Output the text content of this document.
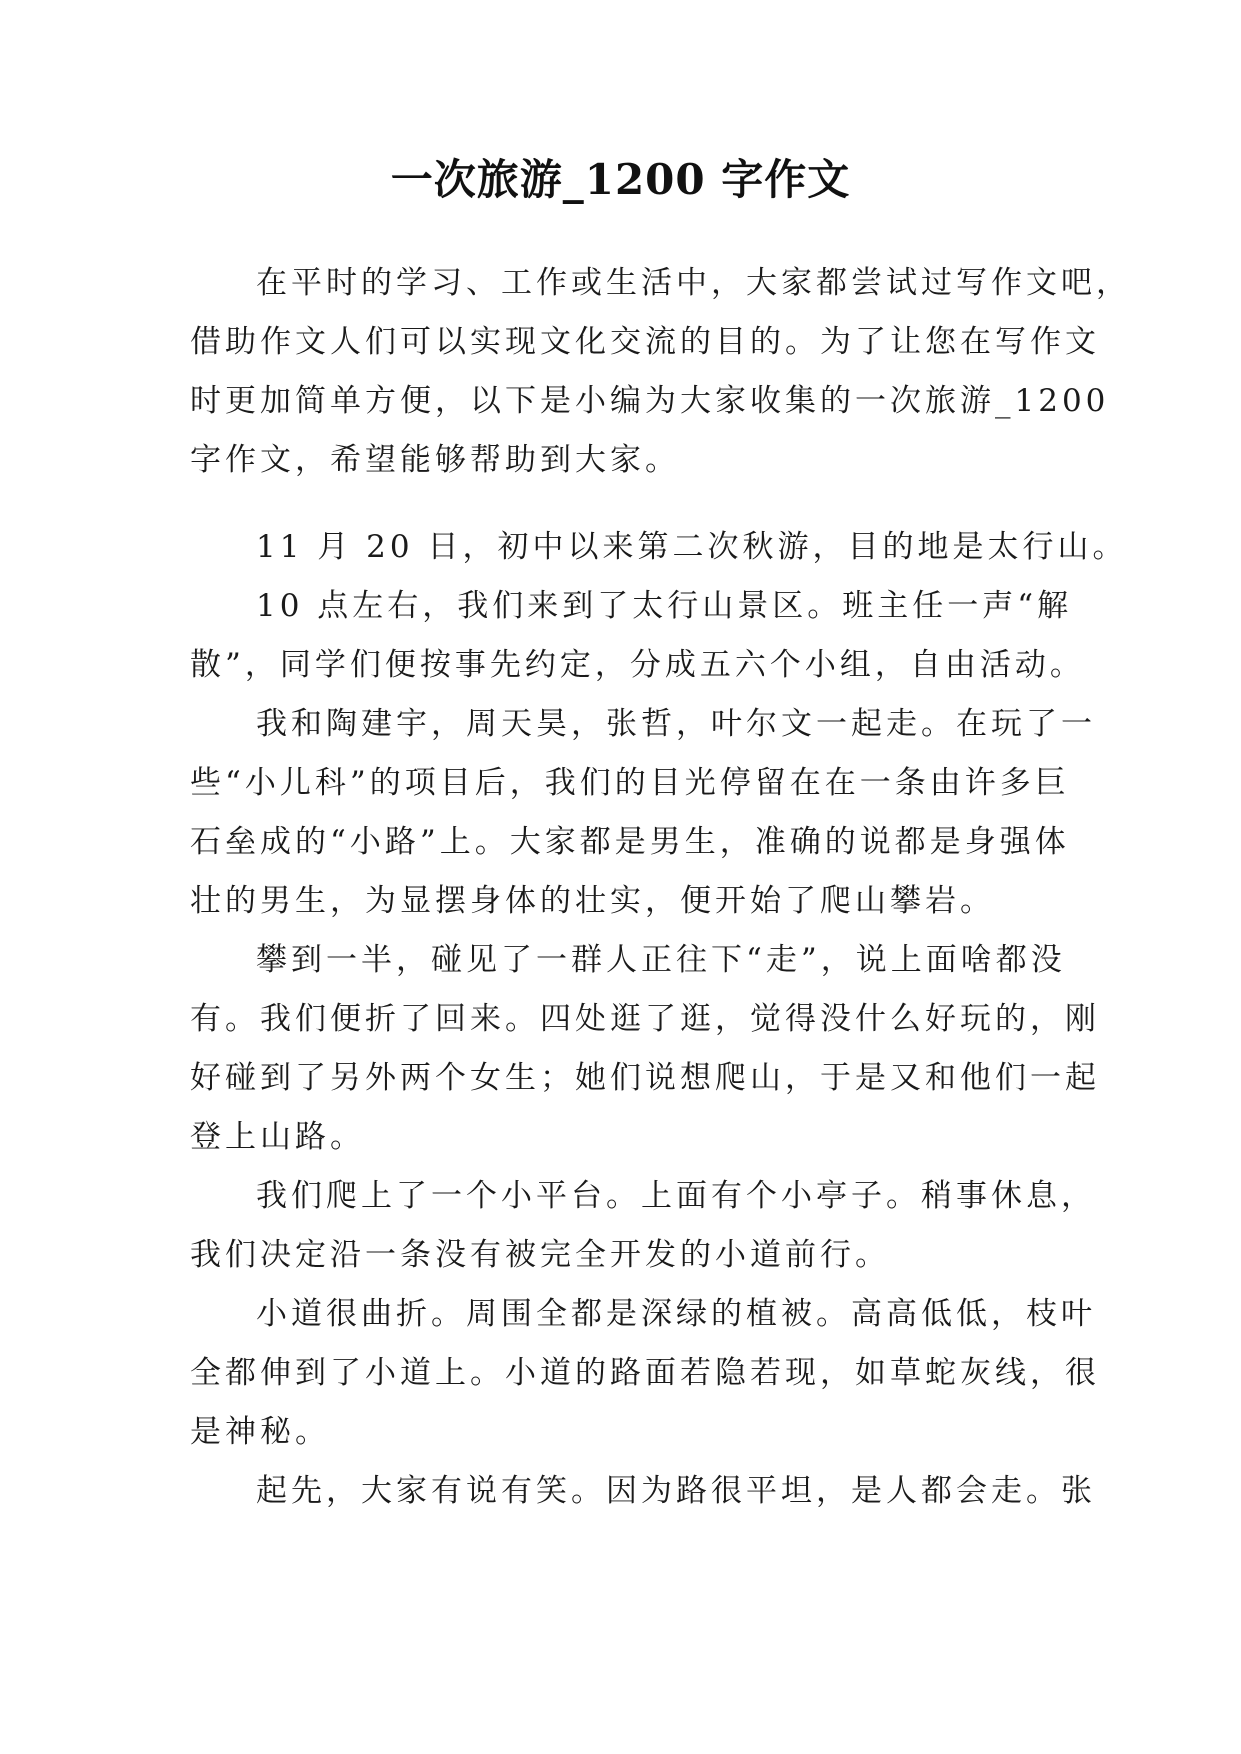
一次旅游_1200 字作文
在平时的学习、工作或生活中，大家都尝试过写作文吧，
借助作文人们可以实现文化交流的目的。为了让您在写作文
时更加简单方便，以下是小编为大家收集的一次旅游_1200
字作文，希望能够帮助到大家。
11 月 20 日，初中以来第二次秋游，目的地是太行山。
10 点左右，我们来到了太行山景区。班主任一声“解
散”，同学们便按事先约定，分成五六个小组，自由活动。
我和陶建宇，周天昊，张哲，叶尔文一起走。在玩了一
些“小儿科”的项目后，我们的目光停留在在一条由许多巨
石垒成的“小路”上。大家都是男生，准确的说都是身强体
壮的男生，为显摆身体的壮实，便开始了爬山攀岩。
攀到一半，碰见了一群人正往下“走”，说上面啥都没
有。我们便折了回来。四处逛了逛，觉得没什么好玩的，刚
好碰到了另外两个女生；她们说想爬山，于是又和他们一起
登上山路。
我们爬上了一个小平台。上面有个小亭子。稍事休息，
我们决定沿一条没有被完全开发的小道前行。
小道很曲折。周围全都是深绿的植被。高高低低，枝叶
全都伸到了小道上。小道的路面若隐若现，如草蛇灰线，很
是神秘。
起先，大家有说有笑。因为路很平坦，是人都会走。张
